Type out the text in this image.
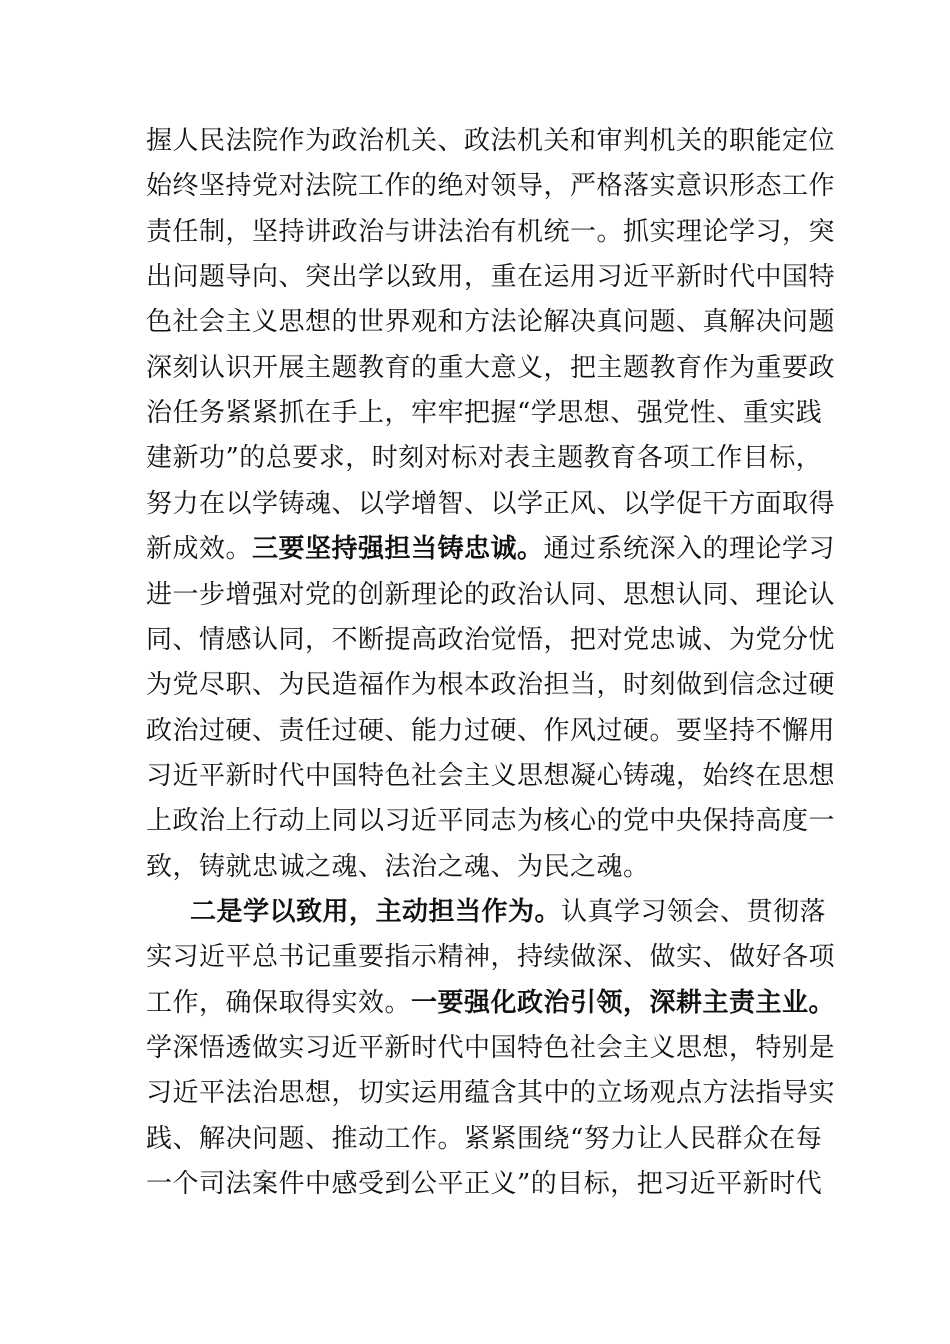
握人民法院作为政治机关、政法机关和审判机关的职能定位
始终坚持党对法院工作的绝对领导，严格落实意识形态工作
责任制，坚持讲政治与讲法治有机统一。抓实理论学习，突
出问题导向、突出学以致用，重在运用习近平新时代中国特
色社会主义思想的世界观和方法论解决真问题、真解决问题
深刻认识开展主题教育的重大意义，把主题教育作为重要政
治任务紧紧抓在手上，牢牢把握“学思想、强党性、重实践
建新功”的总要求，时刻对标对表主题教育各项工作目标，
努力在以学铸魂、以学增智、以学正风、以学促干方面取得
新成效。三要坚持强担当铸忠诚。通过系统深入的理论学习
进一步增强对党的创新理论的政治认同、思想认同、理论认
同、情感认同，不断提高政治觉悟，把对党忠诚、为党分忧
为党尽职、为民造福作为根本政治担当，时刻做到信念过硬
政治过硬、责任过硬、能力过硬、作风过硬。要坚持不懈用
习近平新时代中国特色社会主义思想凝心铸魂，始终在思想
上政治上行动上同以习近平同志为核心的党中央保持高度一
致，铸就忠诚之魂、法治之魂、为民之魂。
二是学以致用，主动担当作为。认真学习领会、贯彻落
实习近平总书记重要指示精神，持续做深、做实、做好各项
工作，确保取得实效。一要强化政治引领，深耕主责主业。
学深悟透做实习近平新时代中国特色社会主义思想，特别是
习近平法治思想，切实运用蕴含其中的立场观点方法指导实
践、解决问题、推动工作。紧紧围绕“努力让人民群众在每
一个司法案件中感受到公平正义”的目标，把习近平新时代
